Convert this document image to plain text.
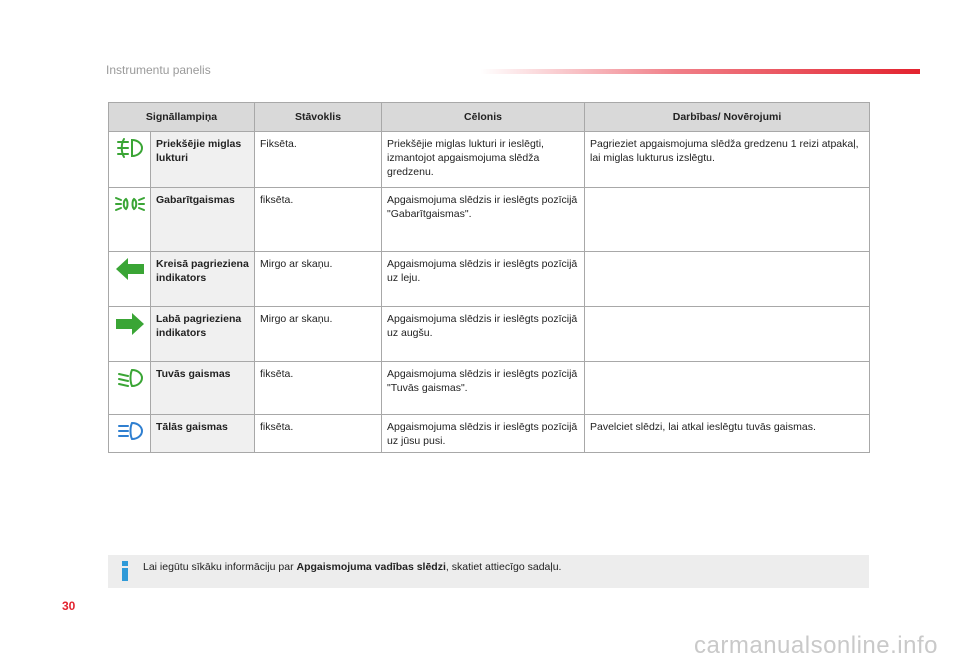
Instrumentu panelis
Signāllampiņa		Stāvoklis	Cēlonis	Darbības/ Novērojumi
	Priekšējie miglas lukturi	Fiksēta.	Priekšējie miglas lukturi ir ieslēgti, izmantojot apgaismojuma slēdža gredzenu.	Pagrieziet apgaismojuma slēdža gredzenu 1 reizi atpakaļ, lai miglas lukturus izslēgtu.
	Gabarītgaismas	fiksēta.	Apgaismojuma slēdzis ir ieslēgts pozīcijā "Gabarītgaismas".	
	Kreisā pagrieziena indikators	Mirgo ar skaņu.	Apgaismojuma slēdzis ir ieslēgts pozīcijā uz leju.	
	Labā pagrieziena indikators	Mirgo ar skaņu.	Apgaismojuma slēdzis ir ieslēgts pozīcijā uz augšu.	
	Tuvās gaismas	fiksēta.	Apgaismojuma slēdzis ir ieslēgts pozīcijā "Tuvās gaismas".	
	Tālās gaismas	fiksēta.	Apgaismojuma slēdzis ir ieslēgts pozīcijā uz jūsu pusi.	Pavelciet slēdzi, lai atkal ieslēgtu tuvās gaismas.
Lai iegūtu sīkāku informāciju par Apgaismojuma vadības slēdzi, skatiet attiecīgo sadaļu.
30
carmanualsonline.info
